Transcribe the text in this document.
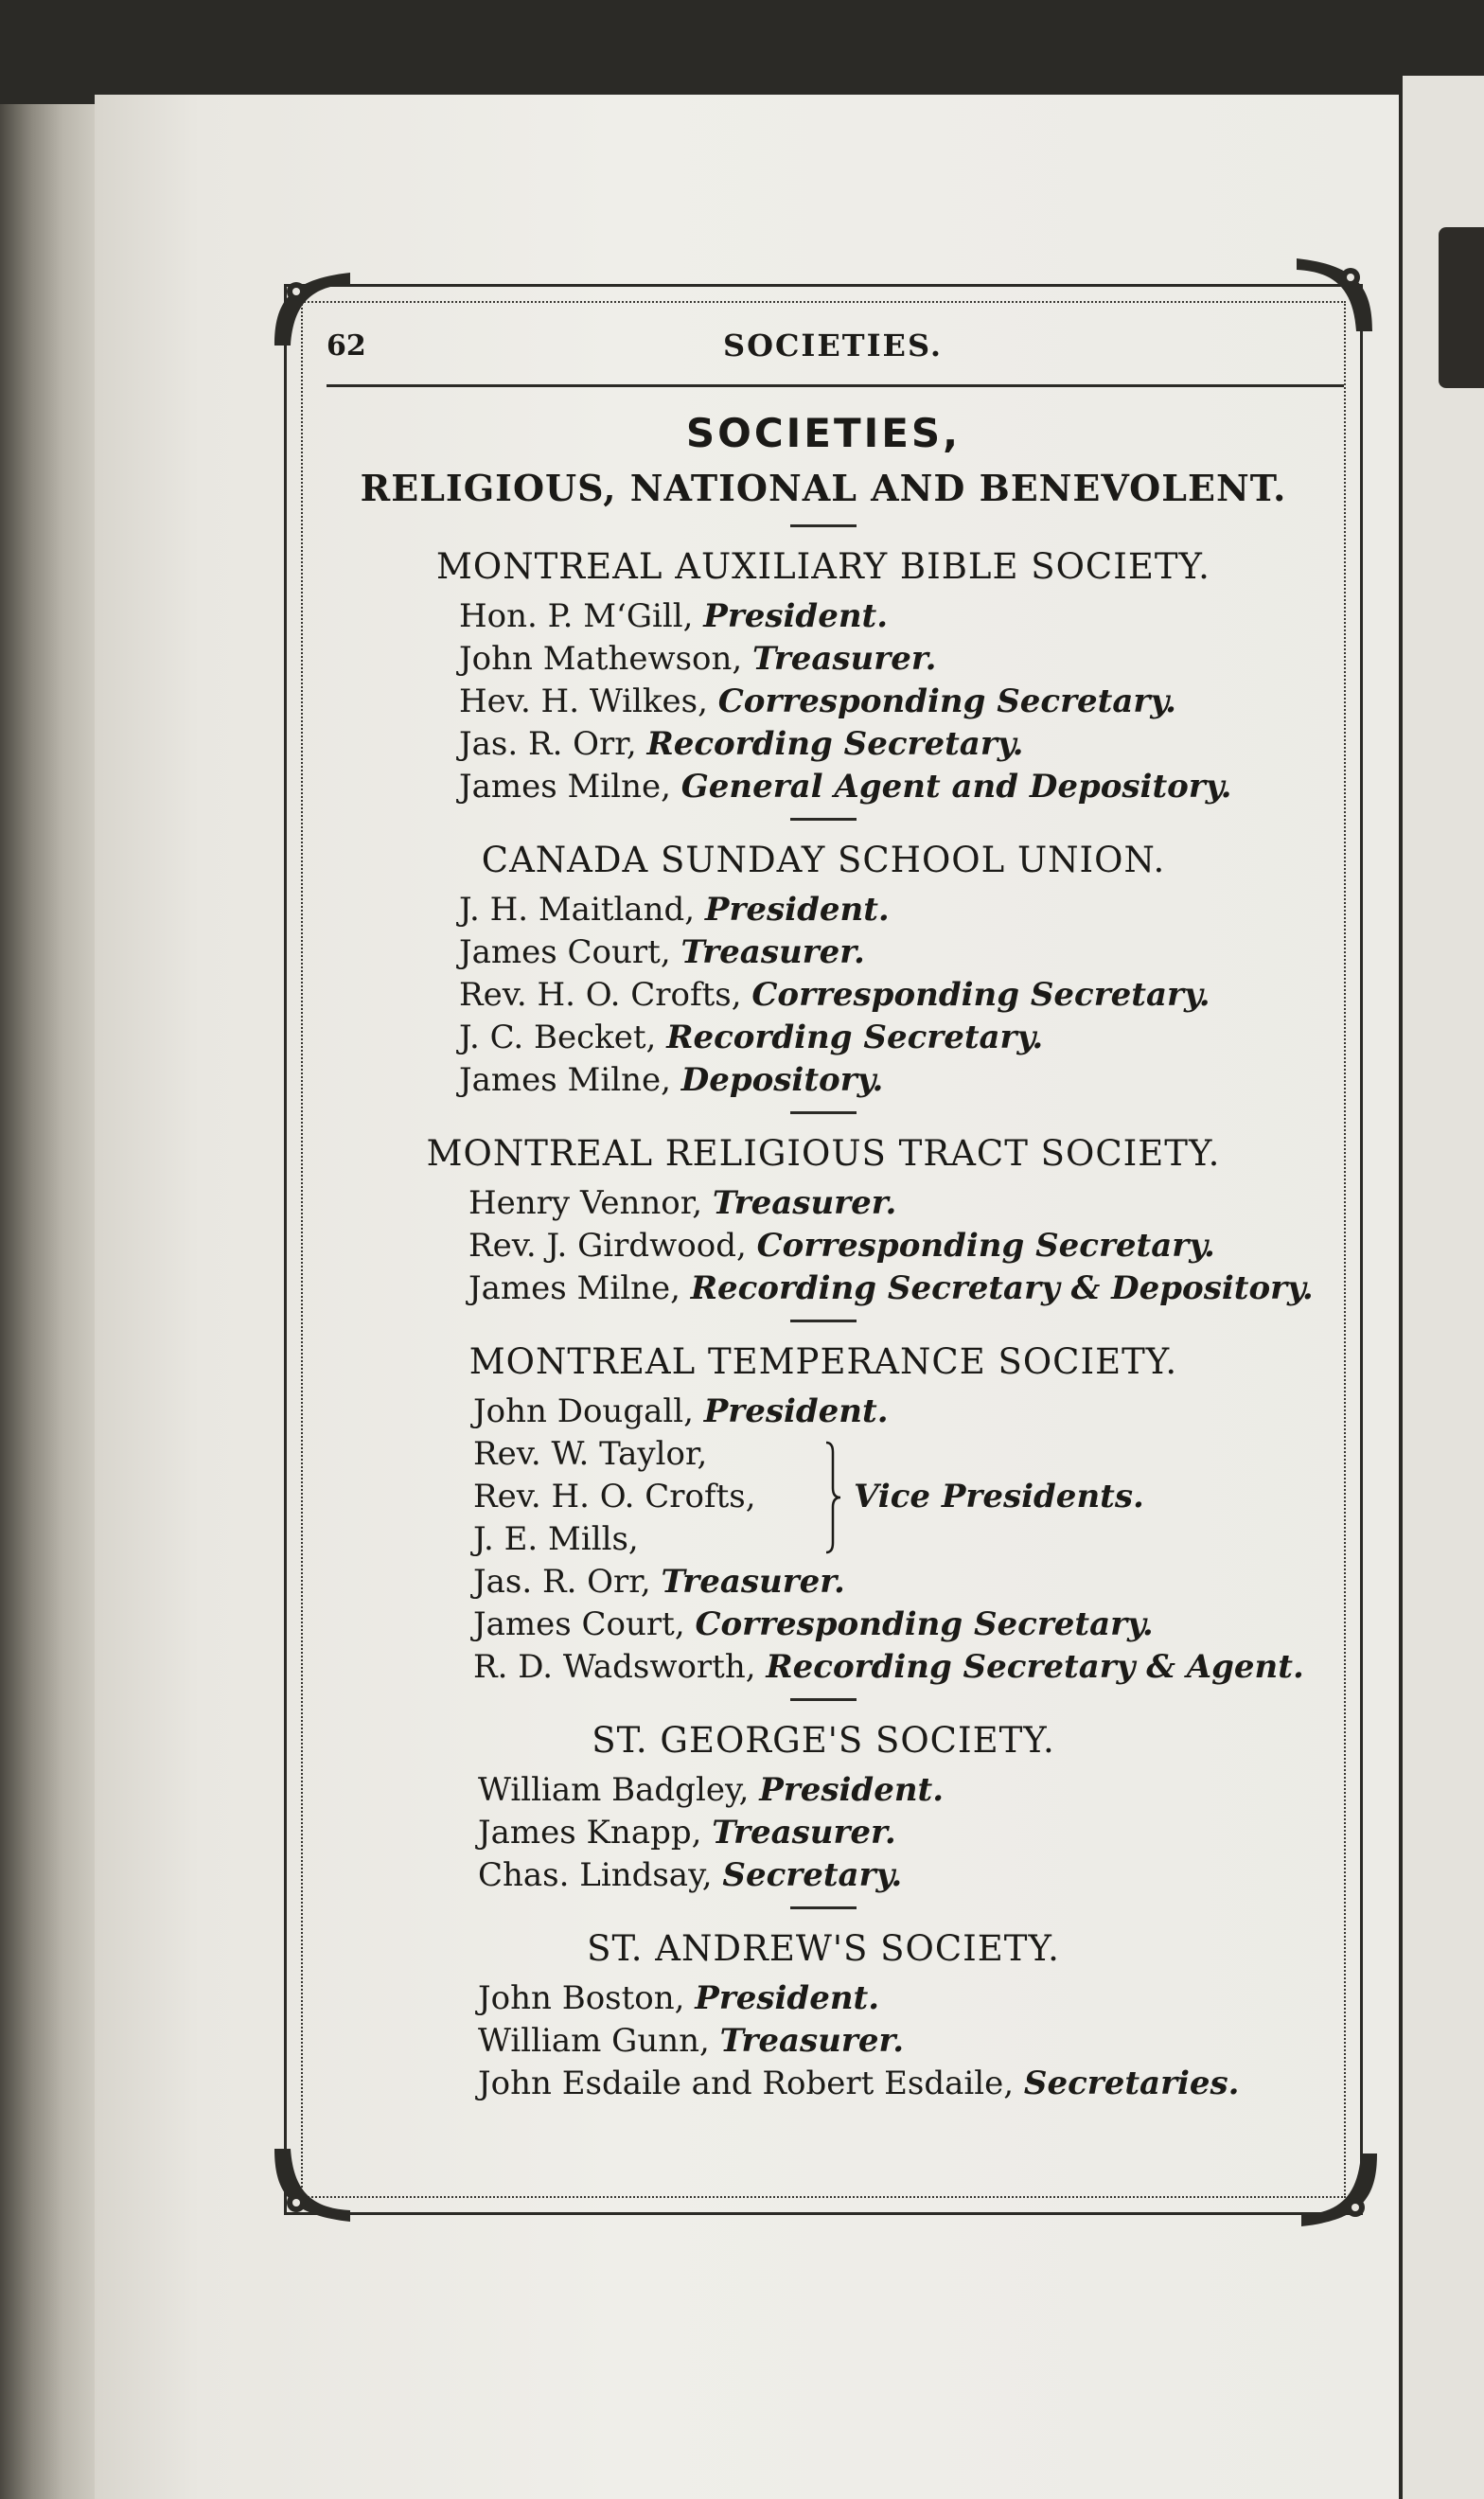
62	SOCIETIES.
SOCIETIES,
RELIGIOUS, NATIONAL AND BENEVOLENT.
MONTREAL AUXILIARY BIBLE SOCIETY.
Hon. P. M‘Gill, President.
John Mathewson, Treasurer.
Hev. H. Wilkes, Corresponding Secretary.
Jas. R. Orr, Recording Secretary.
James Milne, General Agent and Depository.
CANADA SUNDAY SCHOOL UNION.
J. H. Maitland, President.
James Court, Treasurer.
Rev. H. O. Crofts, Corresponding Secretary.
J. C. Becket, Recording Secretary.
James Milne, Depository.
MONTREAL RELIGIOUS TRACT SOCIETY.
Henry Vennor, Treasurer.
Rev. J. Girdwood, Corresponding Secretary.
James Milne, Recording Secretary & Depository.
MONTREAL TEMPERANCE SOCIETY.
John Dougall, President.
Rev. W. Taylor,
Rev. H. O. Crofts,
J. E. Mills,
Vice Presidents.
Jas. R. Orr, Treasurer.
James Court, Corresponding Secretary.
R. D. Wadsworth, Recording Secretary & Agent.
ST. GEORGE'S SOCIETY.
William Badgley, President.
James Knapp, Treasurer.
Chas. Lindsay, Secretary.
ST. ANDREW'S SOCIETY.
John Boston, President.
William Gunn, Treasurer.
John Esdaile and Robert Esdaile, Secretaries.
